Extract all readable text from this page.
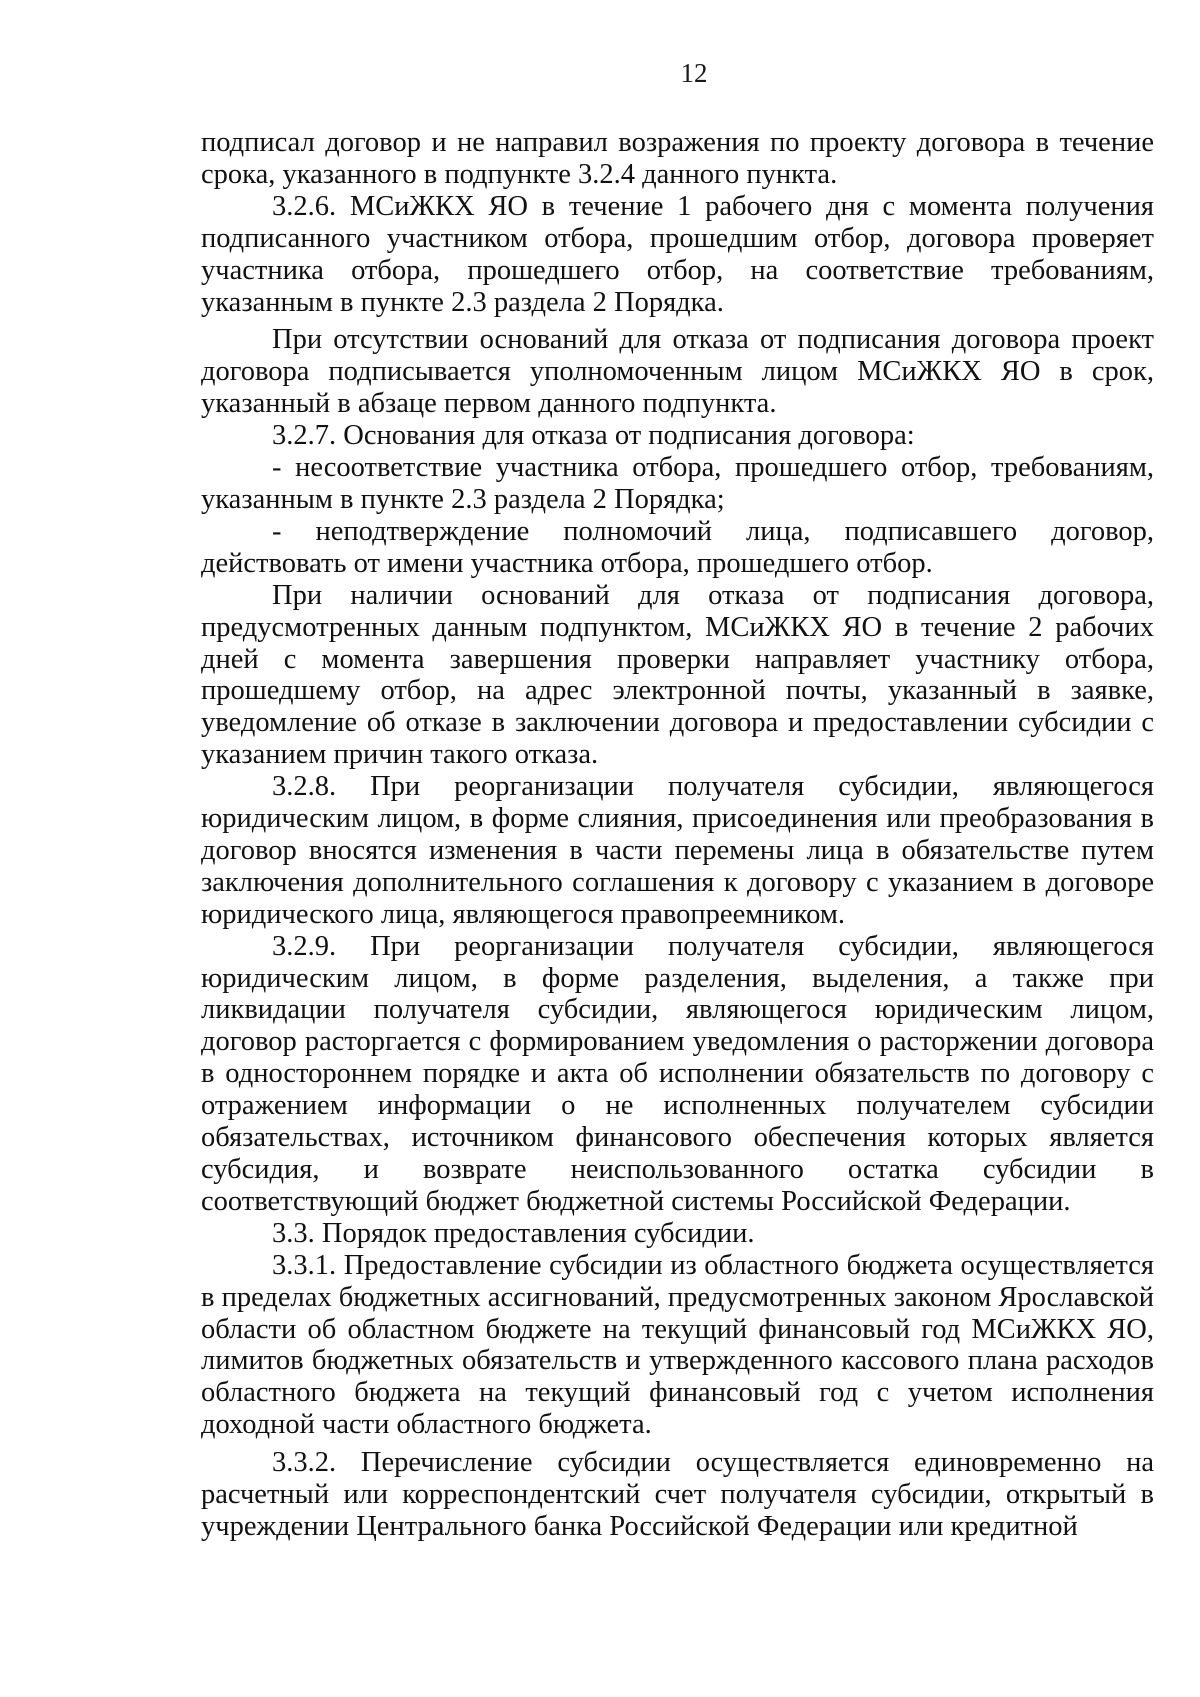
12

подписал договор и не направил возражения по проекту договора в течение срока, указанного в подпункте 3.2.4 данного пункта.

3.2.6. МСиЖКХ ЯО в течение 1 рабочего дня с момента получения подписанного участником отбора, прошедшим отбор, договора проверяет участника отбора, прошедшего отбор, на соответствие требованиям, указанным в пункте 2.3 раздела 2 Порядка.

При отсутствии оснований для отказа от подписания договора проект договора подписывается уполномоченным лицом МСиЖКХ ЯО в срок, указанный в абзаце первом данного подпункта.

3.2.7. Основания для отказа от подписания договора:

- несоответствие участника отбора, прошедшего отбор, требованиям, указанным в пункте 2.3 раздела 2 Порядка;

- неподтверждение полномочий лица, подписавшего договор, действовать от имени участника отбора, прошедшего отбор.

При наличии оснований для отказа от подписания договора, предусмотренных данным подпунктом, МСиЖКХ ЯО в течение 2 рабочих дней с момента завершения проверки направляет участнику отбора, прошедшему отбор, на адрес электронной почты, указанный в заявке, уведомление об отказе в заключении договора и предоставлении субсидии с указанием причин такого отказа.

3.2.8. При реорганизации получателя субсидии, являющегося юридическим лицом, в форме слияния, присоединения или преобразования в договор вносятся изменения в части перемены лица в обязательстве путем заключения дополнительного соглашения к договору с указанием в договоре юридического лица, являющегося правопреемником.

3.2.9. При реорганизации получателя субсидии, являющегося юридическим лицом, в форме разделения, выделения, а также при ликвидации получателя субсидии, являющегося юридическим лицом, договор расторгается с формированием уведомления о расторжении договора в одностороннем порядке и акта об исполнении обязательств по договору с отражением информации о не исполненных получателем субсидии обязательствах, источником финансового обеспечения которых является субсидия, и возврате неиспользованного остатка субсидии в соответствующий бюджет бюджетной системы Российской Федерации.

3.3. Порядок предоставления субсидии.

3.3.1. Предоставление субсидии из областного бюджета осуществляется в пределах бюджетных ассигнований, предусмотренных законом Ярославской области об областном бюджете на текущий финансовый год МСиЖКХ ЯО, лимитов бюджетных обязательств и утвержденного кассового плана расходов областного бюджета на текущий финансовый год с учетом исполнения доходной части областного бюджета.

3.3.2. Перечисление субсидии осуществляется единовременно на расчетный или корреспондентский счет получателя субсидии, открытый в учреждении Центрального банка Российской Федерации или кредитной
